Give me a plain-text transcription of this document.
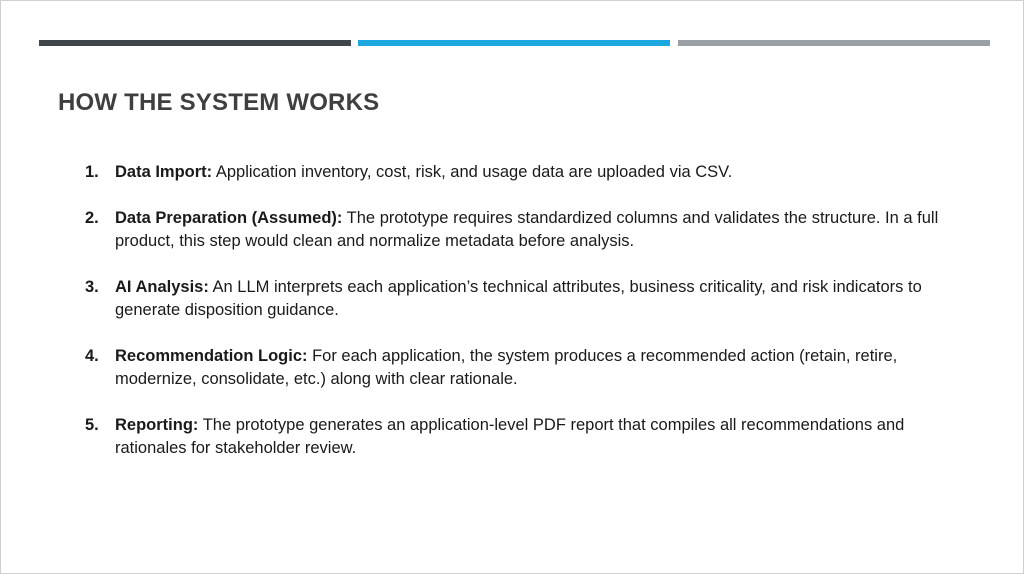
HOW THE SYSTEM WORKS
1. Data Import: Application inventory, cost, risk, and usage data are uploaded via CSV.
2. Data Preparation (Assumed): The prototype requires standardized columns and validates the structure. In a full product, this step would clean and normalize metadata before analysis.
3. AI Analysis: An LLM interprets each application’s technical attributes, business criticality, and risk indicators to generate disposition guidance.
4. Recommendation Logic: For each application, the system produces a recommended action (retain, retire, modernize, consolidate, etc.) along with clear rationale.
5. Reporting: The prototype generates an application-level PDF report that compiles all recommendations and rationales for stakeholder review.
